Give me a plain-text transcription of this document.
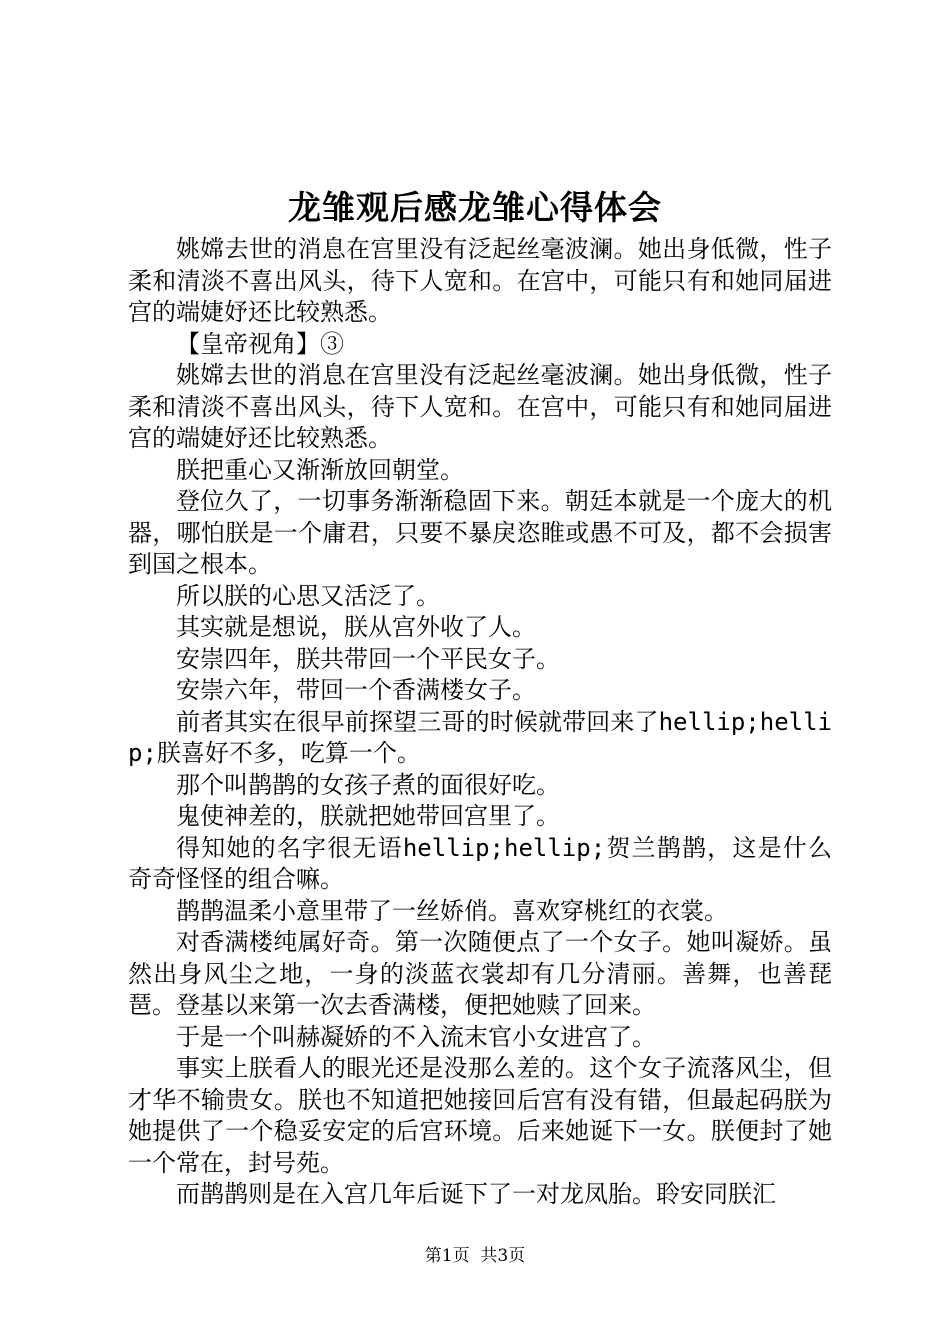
龙雏观后感龙雏心得体会

姚嫦去世的消息在宫里没有泛起丝毫波澜。她出身低微，性子柔和清淡不喜出风头，待下人宽和。在宫中，可能只有和她同届进宫的端婕妤还比较熟悉。

【皇帝视角】③

姚嫦去世的消息在宫里没有泛起丝毫波澜。她出身低微，性子柔和清淡不喜出风头，待下人宽和。在宫中，可能只有和她同届进宫的端婕妤还比较熟悉。

朕把重心又渐渐放回朝堂。

登位久了，一切事务渐渐稳固下来。朝廷本就是一个庞大的机器，哪怕朕是一个庸君，只要不暴戾恣睢或愚不可及，都不会损害到国之根本。

所以朕的心思又活泛了。

其实就是想说，朕从宫外收了人。

安崇四年，朕共带回一个平民女子。

安崇六年，带回一个香满楼女子。

前者其实在很早前探望三哥的时候就带回来了hellip;hellip;朕喜好不多，吃算一个。

那个叫鹊鹊的女孩子煮的面很好吃。

鬼使神差的，朕就把她带回宫里了。

得知她的名字很无语hellip;hellip;贺兰鹊鹊，这是什么奇奇怪怪的组合嘛。

鹊鹊温柔小意里带了一丝娇俏。喜欢穿桃红的衣裳。

对香满楼纯属好奇。第一次随便点了一个女子。她叫凝娇。虽然出身风尘之地，一身的淡蓝衣裳却有几分清丽。善舞，也善琵琶。登基以来第一次去香满楼，便把她赎了回来。

于是一个叫赫凝娇的不入流末官小女进宫了。

事实上朕看人的眼光还是没那么差的。这个女子流落风尘，但才华不输贵女。朕也不知道把她接回后宫有没有错，但最起码朕为她提供了一个稳妥安定的后宫环境。后来她诞下一女。朕便封了她一个常在，封号苑。

而鹊鹊则是在入宫几年后诞下了一对龙凤胎。聆安同朕汇

第1页 共3页
